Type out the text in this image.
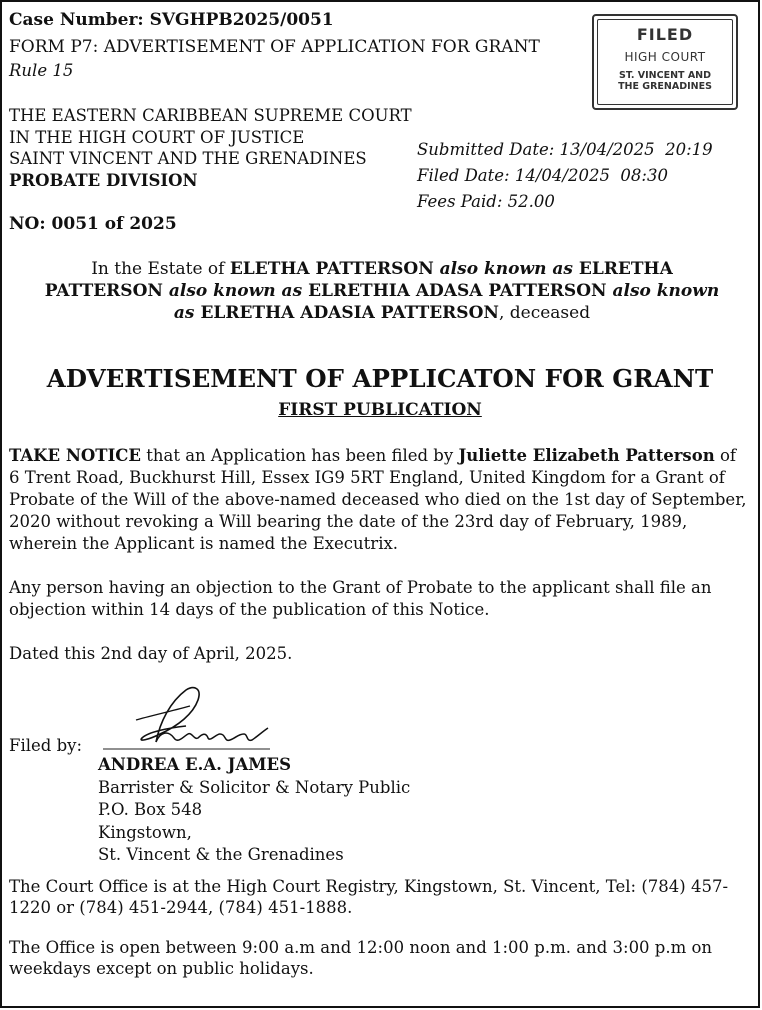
Case Number: SVGHPB2025/0051
FORM P7: ADVERTISEMENT OF APPLICATION FOR GRANT
Rule 15
FILED
HIGH COURT
ST. VINCENT AND
THE GRENADINES
THE EASTERN CARIBBEAN SUPREME COURT
IN THE HIGH COURT OF JUSTICE
SAINT VINCENT AND THE GRENADINES
PROBATE DIVISION
Submitted Date: 13/04/2025  20:19
Filed Date: 14/04/2025  08:30
Fees Paid: 52.00
NO: 0051 of 2025
In the Estate of ELETHA PATTERSON also known as ELRETHA PATTERSON also known as ELRETHIA ADASA PATTERSON also known as ELRETHA ADASIA PATTERSON, deceased
ADVERTISEMENT OF APPLICATON FOR GRANT
FIRST PUBLICATION
TAKE NOTICE that an Application has been filed by Juliette Elizabeth Patterson of 6 Trent Road, Buckhurst Hill, Essex IG9 5RT England, United Kingdom for a Grant of Probate of the Will of the above-named deceased who died on the 1st day of September, 2020 without revoking a Will bearing the date of the 23rd day of February, 1989, wherein the Applicant is named the Executrix.
Any person having an objection to the Grant of Probate to the applicant shall file an objection within 14 days of the publication of this Notice.
Dated this 2nd day of April, 2025.
Filed by:
ANDREA E.A. JAMES
Barrister & Solicitor & Notary Public
P.O. Box 548
Kingstown,
St. Vincent & the Grenadines
The Court Office is at the High Court Registry, Kingstown, St. Vincent, Tel: (784) 457-1220 or (784) 451-2944, (784) 451-1888.
The Office is open between 9:00 a.m and 12:00 noon and 1:00 p.m. and 3:00 p.m on weekdays except on public holidays.
